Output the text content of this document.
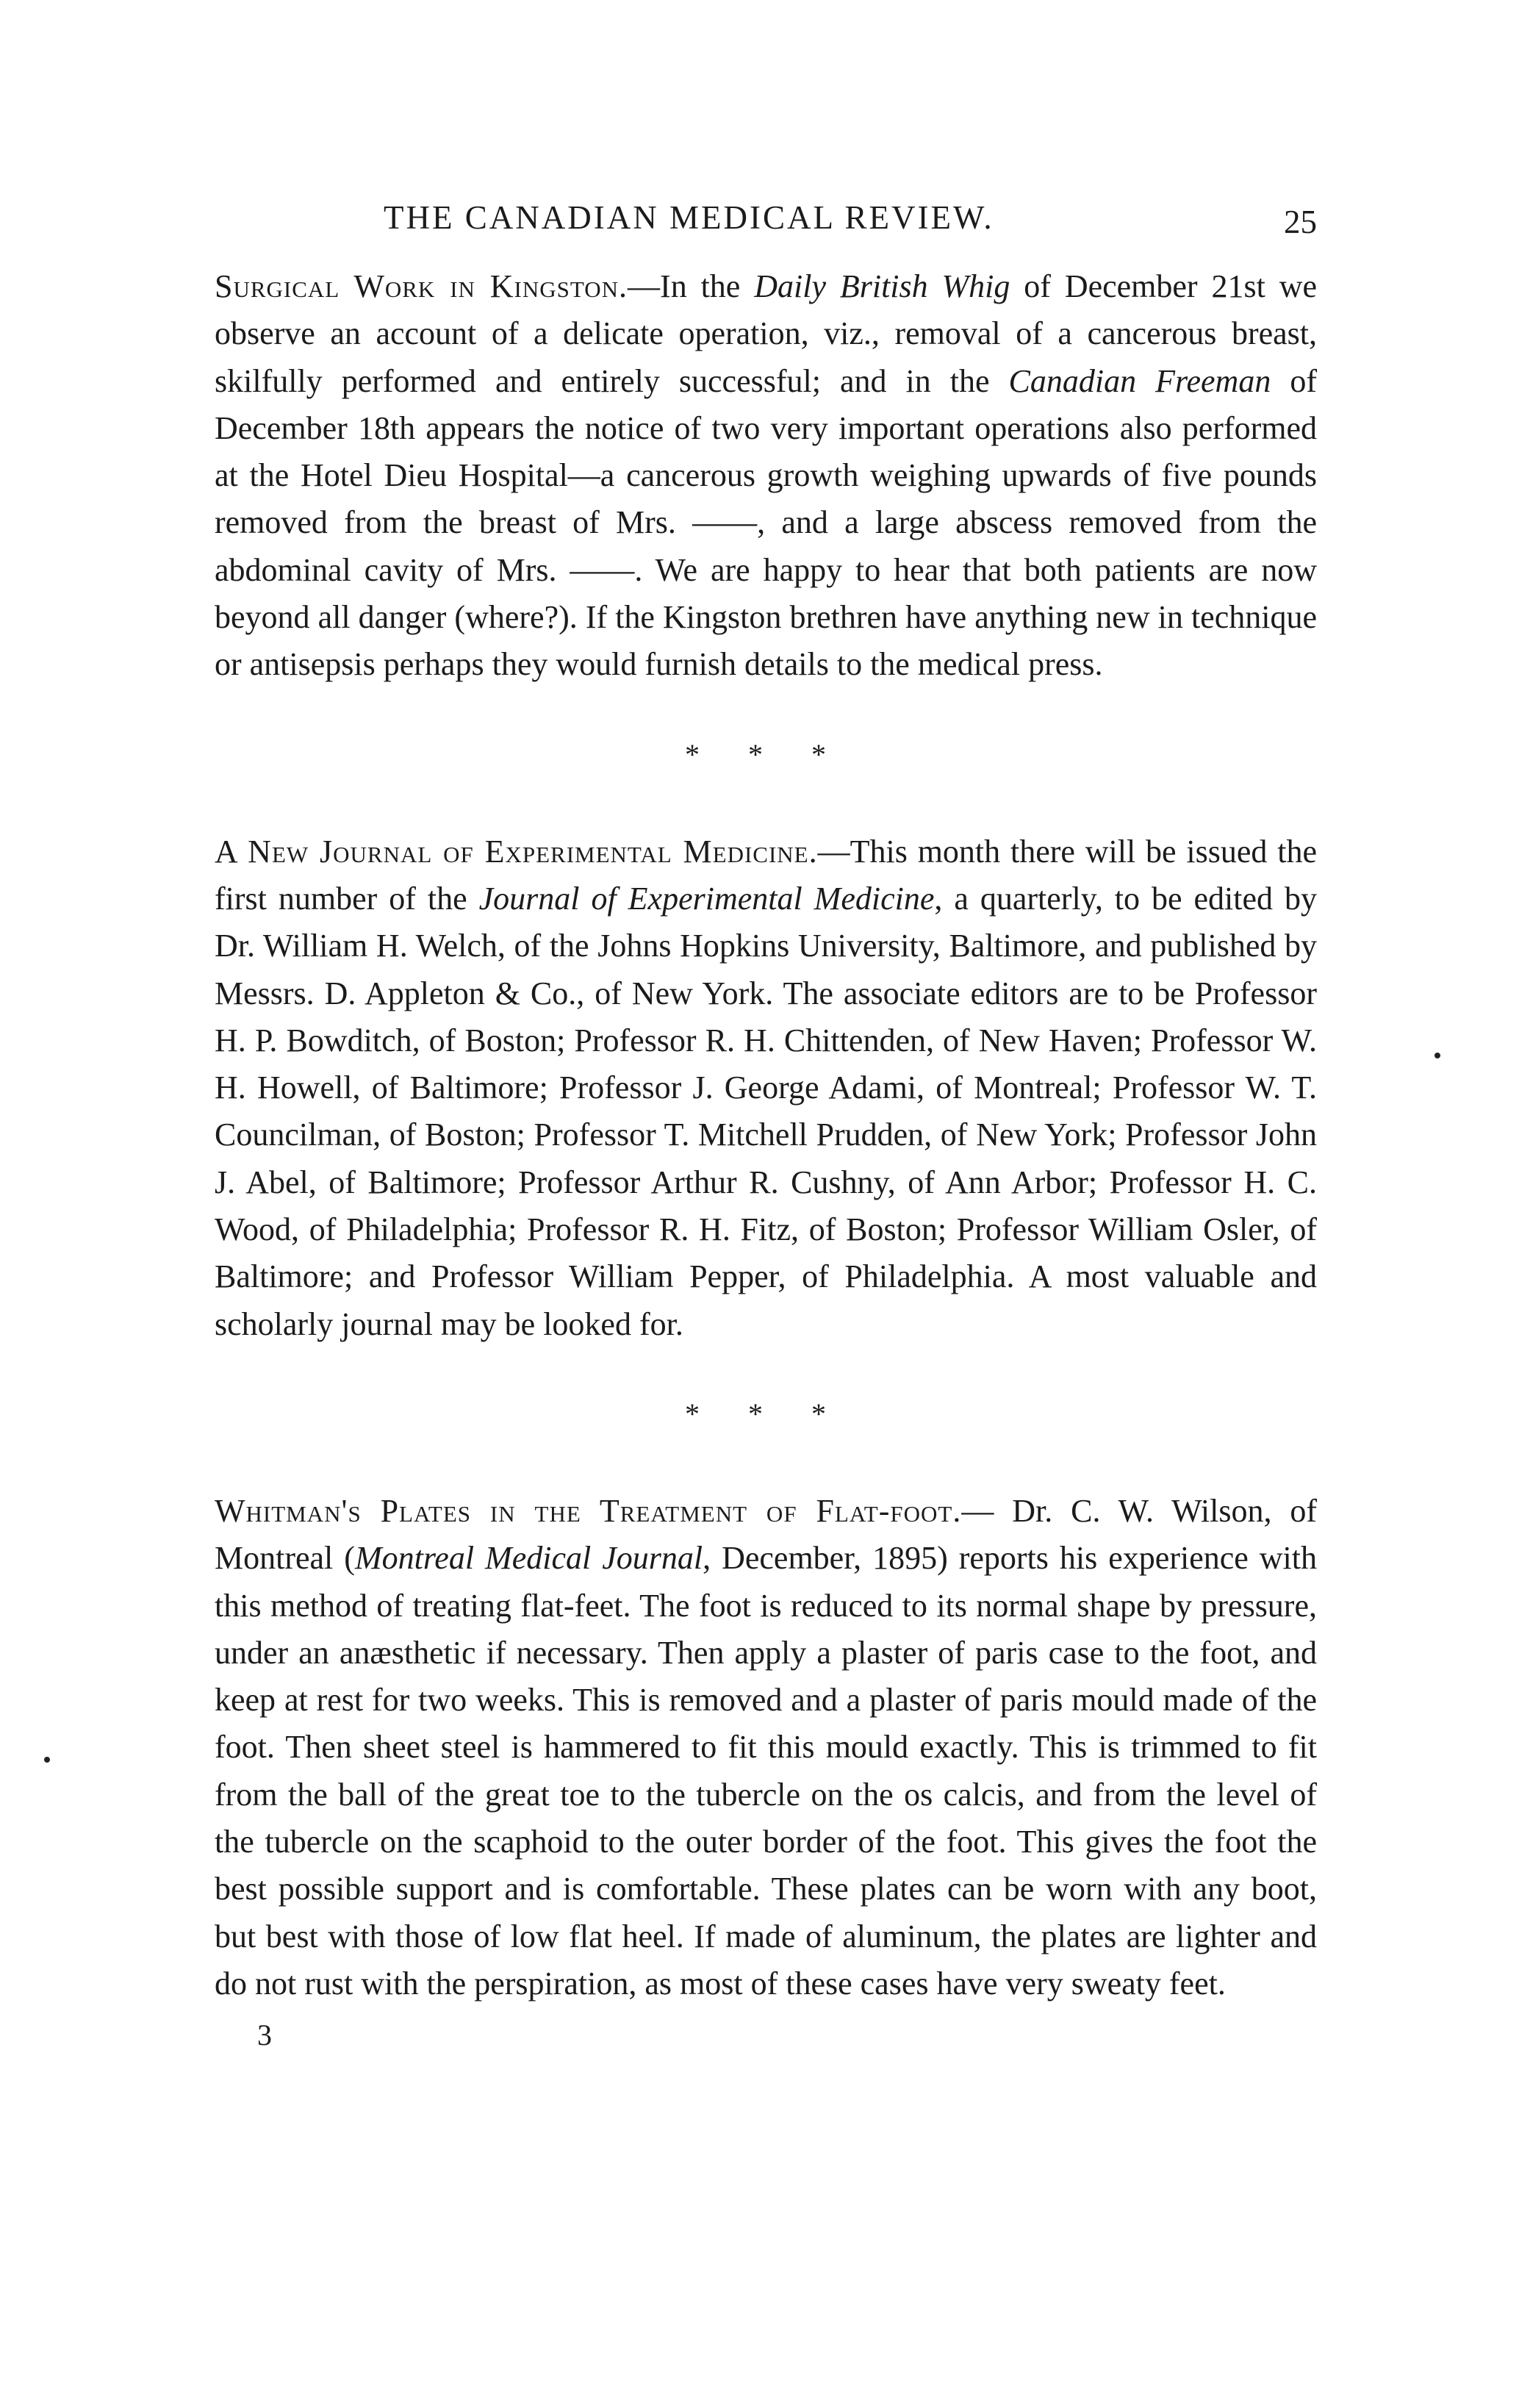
THE CANADIAN MEDICAL REVIEW.	25

Surgical Work in Kingston.—In the Daily British Whig of December 21st we observe an account of a delicate operation, viz., removal of a cancerous breast, skilfully performed and entirely successful; and in the Canadian Freeman of December 18th appears the notice of two very important operations also performed at the Hotel Dieu Hospital—a cancerous growth weighing upwards of five pounds removed from the breast of Mrs. ——, and a large abscess removed from the abdominal cavity of Mrs. ——. We are happy to hear that both patients are now beyond all danger (where?). If the Kingston brethren have anything new in technique or antisepsis perhaps they would furnish details to the medical press.

* * *

A New Journal of Experimental Medicine.—This month there will be issued the first number of the Journal of Experimental Medicine, a quarterly, to be edited by Dr. William H. Welch, of the Johns Hopkins University, Baltimore, and published by Messrs. D. Appleton & Co., of New York. The associate editors are to be Professor H. P. Bowditch, of Boston; Professor R. H. Chittenden, of New Haven; Professor W. H. Howell, of Baltimore; Professor J. George Adami, of Montreal; Professor W. T. Councilman, of Boston; Professor T. Mitchell Prudden, of New York; Professor John J. Abel, of Baltimore; Professor Arthur R. Cushny, of Ann Arbor; Professor H. C. Wood, of Philadelphia; Professor R. H. Fitz, of Boston; Professor William Osler, of Baltimore; and Professor William Pepper, of Philadelphia. A most valuable and scholarly journal may be looked for.

* * *

Whitman's Plates in the Treatment of Flat-foot.— Dr. C. W. Wilson, of Montreal (Montreal Medical Journal, December, 1895) reports his experience with this method of treating flat-feet. The foot is reduced to its normal shape by pressure, under an anæsthetic if necessary. Then apply a plaster of paris case to the foot, and keep at rest for two weeks. This is removed and a plaster of paris mould made of the foot. Then sheet steel is hammered to fit this mould exactly. This is trimmed to fit from the ball of the great toe to the tubercle on the os calcis, and from the level of the tubercle on the scaphoid to the outer border of the foot. This gives the foot the best possible support and is comfortable. These plates can be worn with any boot, but best with those of low flat heel. If made of aluminum, the plates are lighter and do not rust with the perspiration, as most of these cases have very sweaty feet.

3
